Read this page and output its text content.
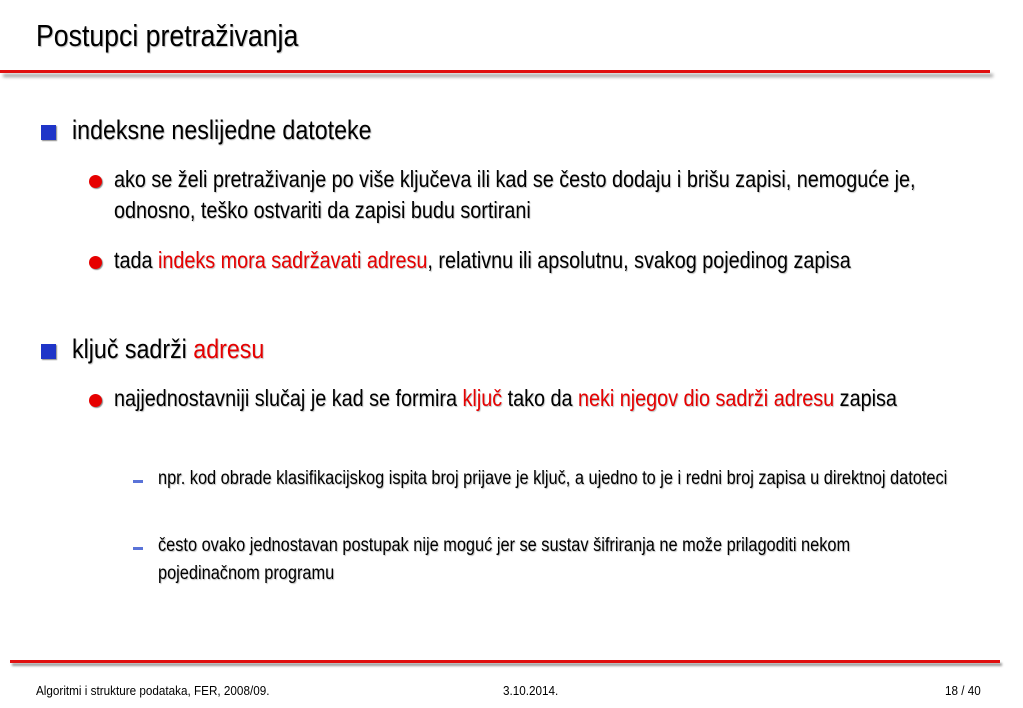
Postupci pretraživanja
indeksne neslijedne datoteke
ako se želi pretraživanje po više ključeva ili kad se često dodaju i brišu zapisi, nemoguće je, odnosno, teško ostvariti da zapisi budu sortirani
tada indeks mora sadržavati adresu, relativnu ili apsolutnu, svakog pojedinog zapisa
ključ sadrži adresu
najjednostavniji slučaj je kad se formira ključ tako da neki njegov dio sadrži adresu zapisa
npr. kod obrade klasifikacijskog ispita broj prijave je ključ, a ujedno to je i redni broj zapisa u direktnoj datoteci
često ovako jednostavan postupak nije moguć jer se sustav šifriranja ne može prilagoditi nekom pojedinačnom programu
Algoritmi i strukture podataka, FER, 2008/09.	3.10.2014.	18 / 40
